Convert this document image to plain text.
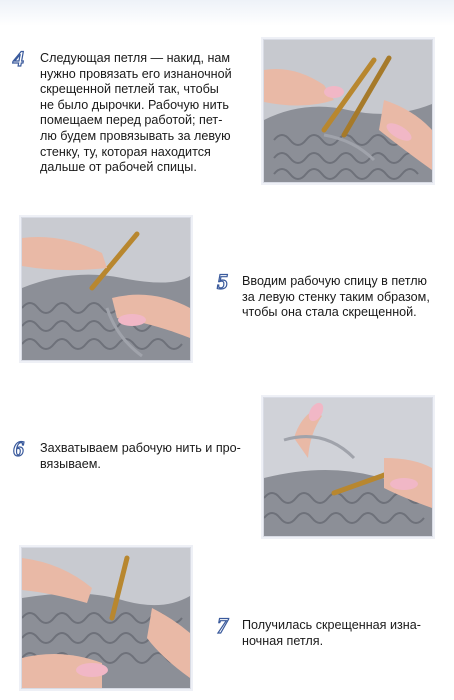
4 Следующая петля — накид, нам
нужно провязать его изнаночной
скрещенной петлей так, чтобы
не было дырочки. Рабочую нить
помещаем перед работой; пет-
лю будем провязывать за левую
стенку, ту, которая находится
дальше от рабочей спицы.
5 Вводим рабочую спицу в петлю
за левую стенку таким образом,
чтобы она стала скрещенной.
6 Захватываем рабочую нить и про-
вязываем.
7 Получилась скрещенная изна-
ночная петля.
